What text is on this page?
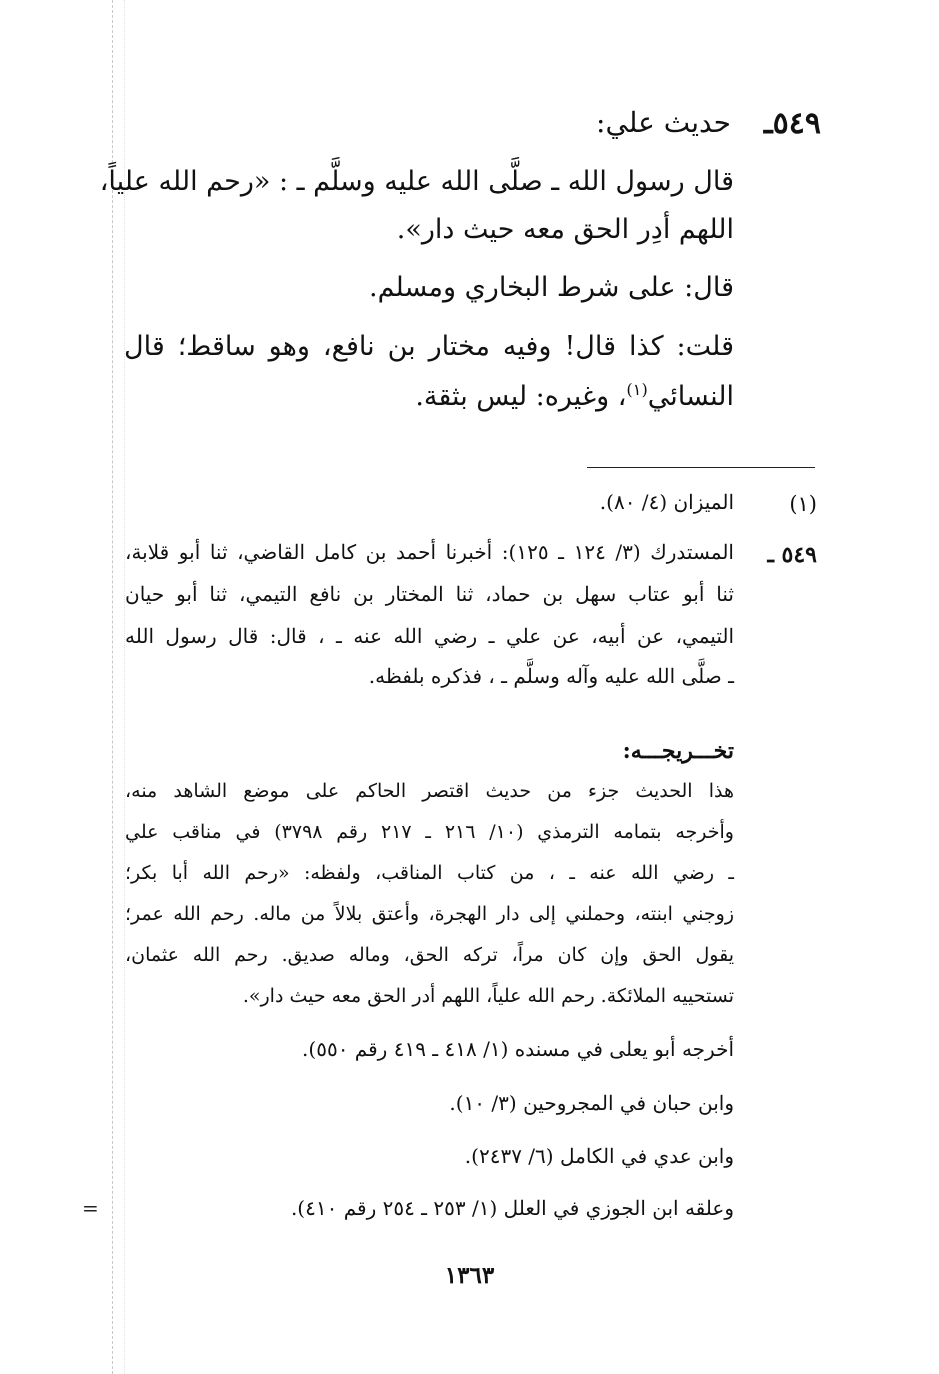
=
٥٤٩ـ
حديث علي:
قال رسول الله ـ صلَّى الله عليه وسلَّم ـ : «رحم الله علياً،
اللهم أدِر الحق معه حيث دار».
قال: على شرط البخاري ومسلم.
قلت: كذا قال! وفيه مختار بن نافع، وهو ساقط؛ قال
النسائي$^{(١)}$، وغيره: ليس بثقة.
(١)
الميزان (٤/ ٨٠).
٥٤٩ ـ
المستدرك (٣/ ١٢٤ ـ ١٢٥): أخبرنا أحمد بن كامل القاضي، ثنا أبو قلابة،
ثنا أبو عتاب سهل بن حماد، ثنا المختار بن نافع التيمي، ثنا أبو حيان
التيمي، عن أبيه، عن علي ـ رضي الله عنه ـ ، قال: قال رسول الله
ـ صلَّى الله عليه وآله وسلَّم ـ ، فذكره بلفظه.
تخـــريجـــه:
هذا الحديث جزء من حديث اقتصر الحاكم على موضع الشاهد منه،
وأخرجه بتمامه الترمذي (١٠/ ٢١٦ ـ ٢١٧ رقم ٣٧٩٨) في مناقب علي
ـ رضي الله عنه ـ ، من كتاب المناقب، ولفظه: «رحم الله أبا بكر؛
زوجني ابنته، وحملني إلى دار الهجرة، وأعتق بلالاً من ماله. رحم الله عمر؛
يقول الحق وإن كان مراً، تركه الحق، وماله صديق. رحم الله عثمان،
تستحييه الملائكة. رحم الله علياً، اللهم أدر الحق معه حيث دار».
أخرجه أبو يعلى في مسنده (١/ ٤١٨ ـ ٤١٩ رقم ٥٥٠).
وابن حبان في المجروحين (٣/ ١٠).
وابن عدي في الكامل (٦/ ٢٤٣٧).
وعلقه ابن الجوزي في العلل (١/ ٢٥٣ ـ ٢٥٤ رقم ٤١٠).
١٣٦٣
